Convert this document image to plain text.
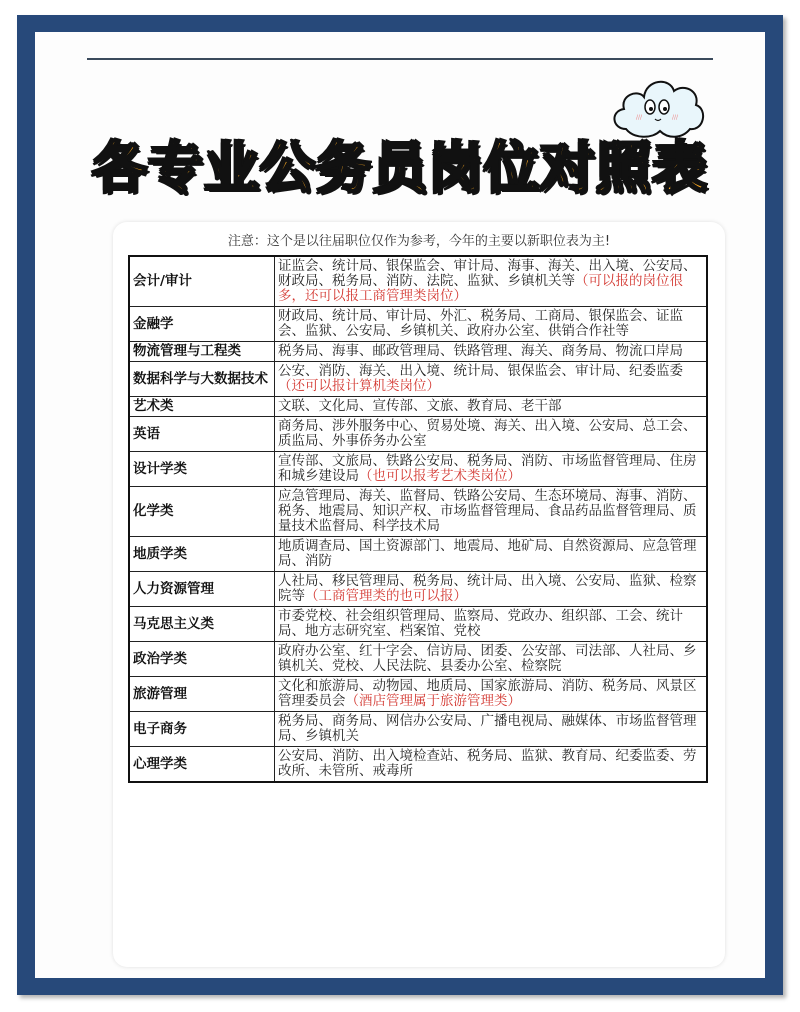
///	///
各专业公务员岗位对照表
注意：这个是以往届职位仅作为参考，今年的主要以新职位表为主!
会计/审计	证监会、统计局、银保监会、审计局、海事、海关、出入境、公安局、财政局、税务局、消防、法院、监狱、乡镇机关等（可以报的岗位很多，还可以报工商管理类岗位）
金融学	财政局、统计局、审计局、外汇、税务局、工商局、银保监会、证监会、监狱、公安局、乡镇机关、政府办公室、供销合作社等
物流管理与工程类	税务局、海事、邮政管理局、铁路管理、海关、商务局、物流口岸局
数据科学与大数据技术	公安、消防、海关、出入境、统计局、银保监会、审计局、纪委监委（还可以报计算机类岗位）
艺术类	文联、文化局、宣传部、文旅、教育局、老干部
英语	商务局、涉外服务中心、贸易处境、海关、出入境、公安局、总工会、质监局、外事侨务办公室
设计学类	宣传部、文旅局、铁路公安局、税务局、消防、市场监督管理局、住房和城乡建设局（也可以报考艺术类岗位）
化学类	应急管理局、海关、监督局、铁路公安局、生态环境局、海事、消防、税务、地震局、知识产权、市场监督管理局、食品药品监督管理局、质量技术监督局、科学技术局
地质学类	地质调查局、国土资源部门、地震局、地矿局、自然资源局、应急管理局、消防
人力资源管理	人社局、移民管理局、税务局、统计局、出入境、公安局、监狱、检察院等（工商管理类的也可以报）
马克思主义类	市委党校、社会组织管理局、监察局、党政办、组织部、工会、统计局、地方志研究室、档案馆、党校
政治学类	政府办公室、红十字会、信访局、团委、公安部、司法部、人社局、乡镇机关、党校、人民法院、县委办公室、检察院
旅游管理	文化和旅游局、动物园、地质局、国家旅游局、消防、税务局、风景区管理委员会（酒店管理属于旅游管理类）
电子商务	税务局、商务局、网信办公安局、广播电视局、融媒体、市场监督管理局、乡镇机关
心理学类	公安局、消防、出入境检查站、税务局、监狱、教育局、纪委监委、劳改所、未管所、戒毒所
